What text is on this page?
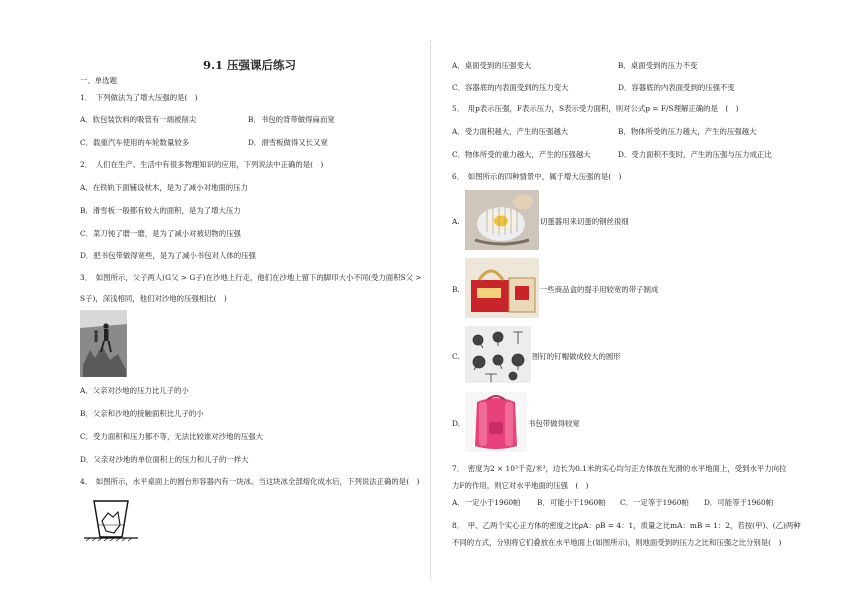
9.1 压强课后练习
一、单选题
1．　下列做法为了增大压强的是(　)
A．软包装饮料的吸管有一端被削尖	B．书包的背带做得扁而宽
C．载重汽车使用的车轮数量较多	D．滑雪板做得又长又宽
2．　人们在生产、生活中有很多物理知识的应用，下列说法中正确的是(　)
A．在铁轨下面铺设枕木，是为了减小对地面的压力
B．滑雪板一般都有较大的面积，是为了增大压力
C．菜刀钝了磨一磨，是为了减小对被切物的压强
D．把书包带做得宽些，是为了减小书包对人体的压强
3．　如图所示，父子两人(G父 > G子)在沙地上行走，他们在沙地上留下的脚印大小不同(受力面积S父 >
S子)，深浅相同，他们对沙地的压强相比(　)
A．父亲对沙地的压力比儿子的小
B．父亲和沙地的接触面积比儿子的小
C．受力面积和压力都不等，无法比较谁对沙地的压强大
D．父亲对沙地的单位面积上的压力和儿子的一样大
4．　如图所示，水平桌面上的圆台形容器内有一块冰。当这块冰全部熔化成水后，下列说法正确的是(　)
A．桌面受到的压强变大	B．桌面受到的压力不变
C．容器底的内表面受到的压力变大	D．容器底的内表面受到的压强不变
5．　用p表示压强，F表示压力，S表示受力面积，则对公式p = F/S理解正确的是　(　)
A．受力面积越大，产生的压强越大	B．物体所受的压力越大，产生的压强越大
C．物体所受的重力越大，产生的压强越大	D．受力面积不变时，产生的压强与压力成正比
6．　如图所示的四种情景中，属于增大压强的是(　)
A.	切蛋器用来切蛋的钢丝很细
B.	一些商品盒的提手用较宽的带子制成
C.	图钉的钉帽做成较大的圆形
D.	书包带做得较宽
7．　密度为2 × 10³千克/米³，边长为0.1米的实心均匀正方体放在光滑的水平地面上，受到水平力向拉
力F的作用，则它对水平地面的压强　(　)
A．一定小于1960帕 B．可能小于1960帕 C．一定等于1960帕 D．可能等于1960帕
8．　甲、乙两个实心正方体的密度之比ρA：ρB = 4：1，质量之比mA：mB = 1：2，若按(甲)、(乙)两种
不同的方式，分别将它们叠放在水平地面上(如图所示)，则地面受到的压力之比和压强之比分别是(　)
